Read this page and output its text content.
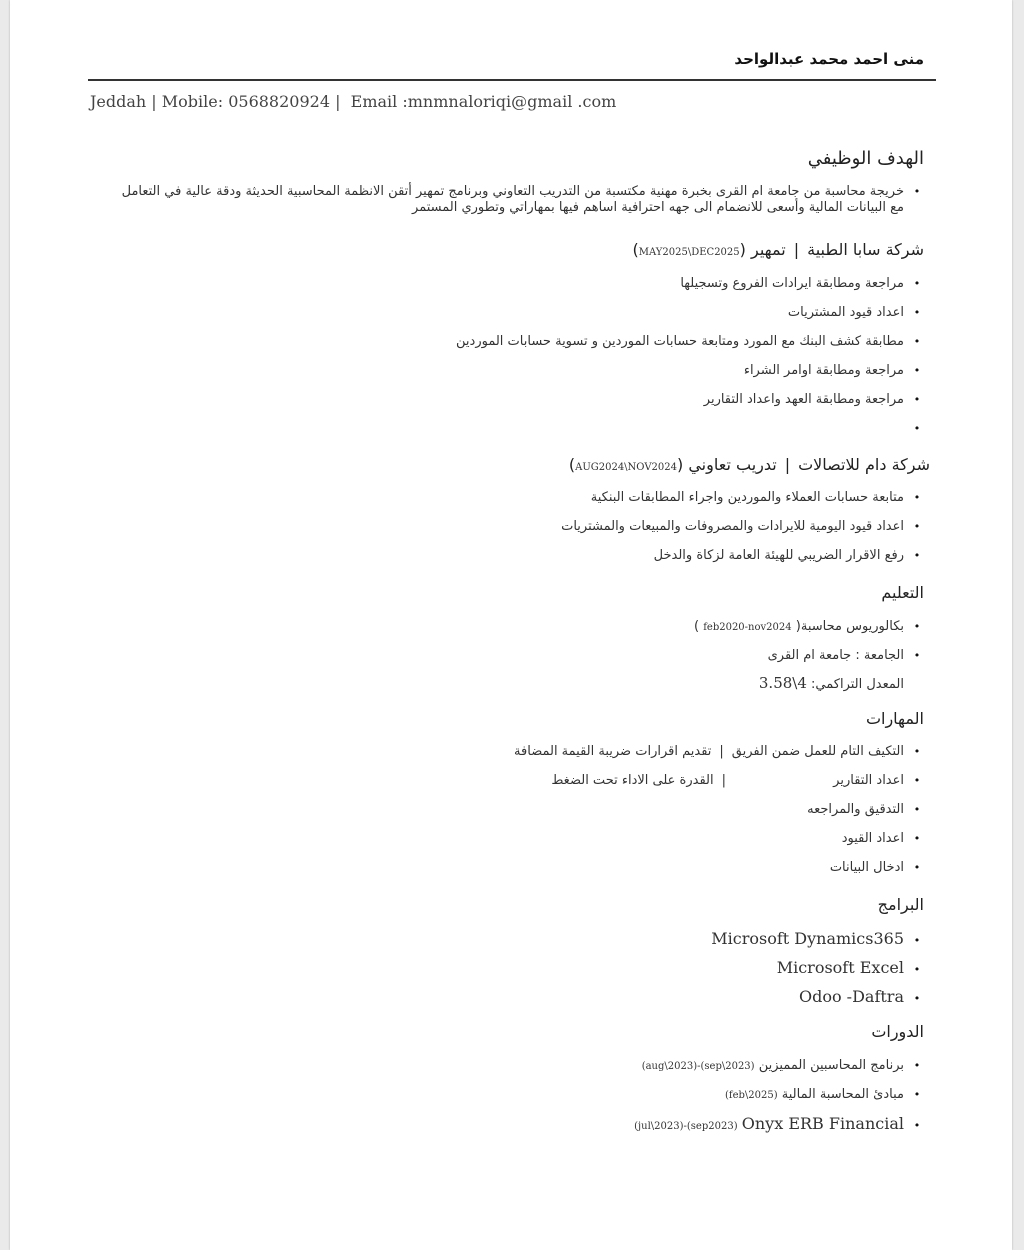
منى احمد محمد عبدالواحد
Jeddah | Mobile: 0568820924 |  Email :mnmnaloriqi@gmail .com
الهدف الوظيفي
•خريجة محاسبة من جامعة ام القرى بخبرة مهنية مكتسبة من التدريب التعاوني وبرنامج تمهير أتقن الانظمة المحاسبية الحديثة ودقة عالية في التعامل مع البيانات المالية وأسعى للانضمام الى جهه احترافية اساهم فيها بمهاراتي وتطوري المستمر
شركة سابا الطبية|تمهير (MAY2025\DEC2025)
•مراجعة ومطابقة ايرادات الفروع وتسجيلها
•اعداد قيود المشتريات
•مطابقة كشف البنك مع المورد ومتابعة حسابات الموردين و تسوية حسابات الموردين
•مراجعة ومطابقة اوامر الشراء
•مراجعة ومطابقة العهد واعداد التقارير
•
شركة دام للاتصالات|تدريب تعاوني (AUG2024\NOV2024)
•متابعة حسابات العملاء والموردين واجراء المطابقات البنكية
•اعداد قيود اليومية للايرادات والمصروفات والمبيعات والمشتريات
•رفع الاقرار الضريبي للهيئة العامة لزكاة والدخل
التعليم
•بكالوريوس محاسبة( feb2020-nov2024 )
•الجامعة : جامعة ام القرى
المعدل التراكمي: 3.58\4
المهارات
•التكيف التام للعمل ضمن الفريق|تقديم اقرارات ضريبة القيمة المضافة
•اعداد التقارير|القدرة على الاداء تحت الضغط
•التدقيق والمراجعه
•اعداد القيود
•ادخال البيانات
البرامج
•Microsoft Dynamics365
•Microsoft Excel
•Odoo -Daftra
الدورات
•برنامج المحاسبين المميزين (aug\2023)-(sep\2023)
•مبادئ المحاسبة المالية (feb\2025)
•Onyx ERB Financial (jul\2023)-(sep2023)
